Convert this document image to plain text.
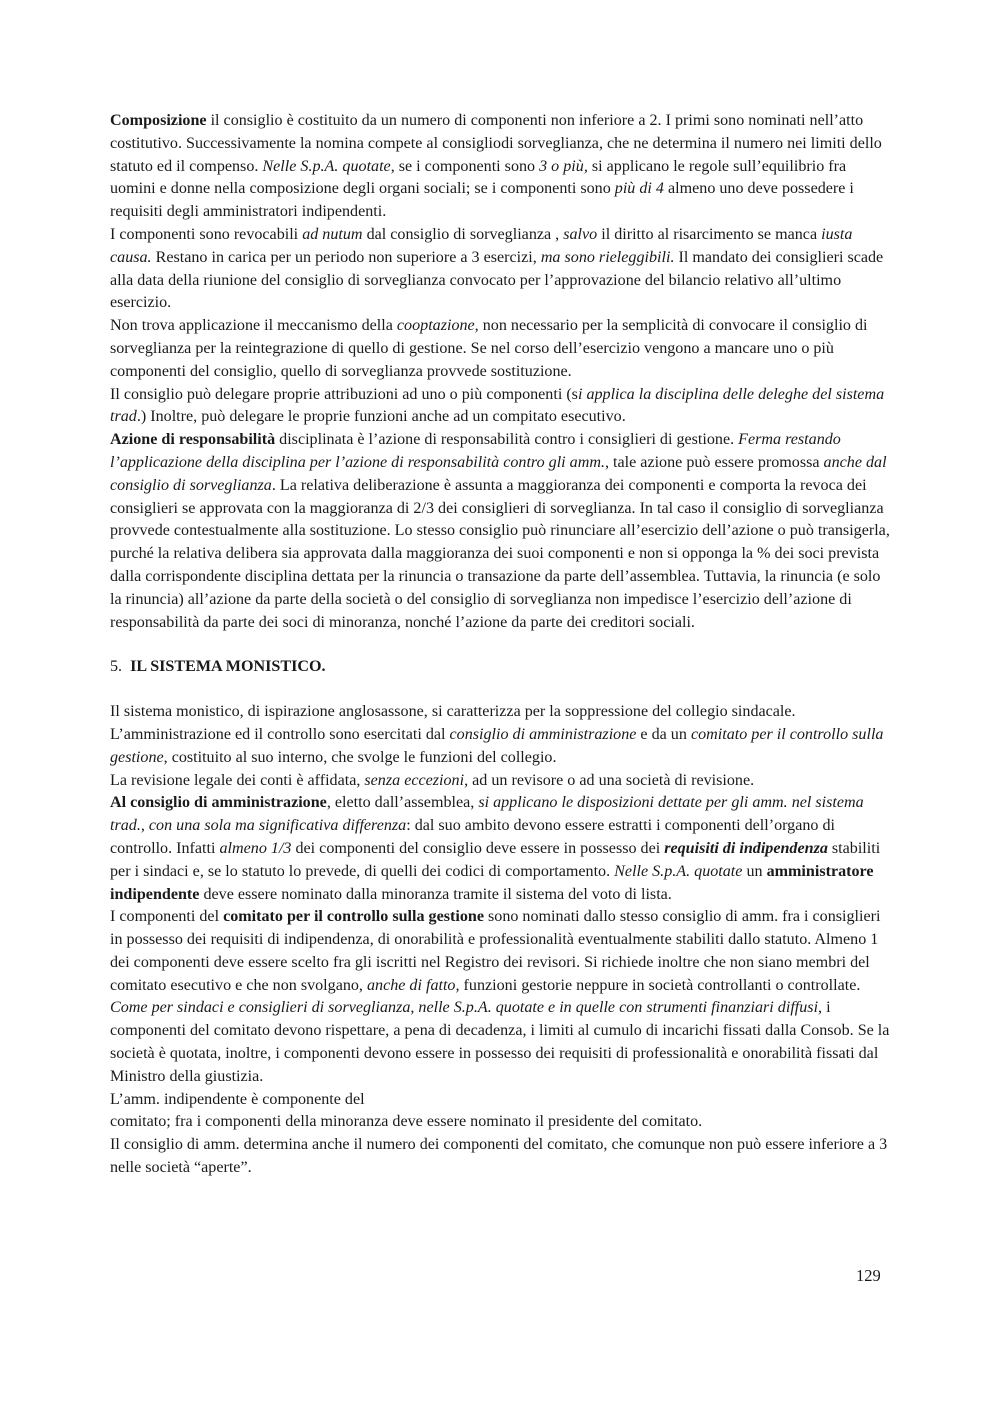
Composizione il consiglio è costituito da un numero di componenti non inferiore a 2. I primi sono nominati nell’atto costitutivo. Successivamente la nomina compete al consigliodi sorveglianza, che ne determina il numero nei limiti dello statuto ed il compenso. Nelle S.p.A. quotate, se i componenti sono 3 o più, si applicano le regole sull’equilibrio fra uomini e donne nella composizione degli organi sociali; se i componenti sono più di 4 almeno uno deve possedere i requisiti degli amministratori indipendenti.

I componenti sono revocabili ad nutum dal consiglio di sorveglianza , salvo il diritto al risarcimento se manca iusta causa. Restano in carica per un periodo non superiore a 3 esercizi, ma sono rieleggibili. Il mandato dei consiglieri scade alla data della riunione del consiglio di sorveglianza convocato per l’approvazione del bilancio relativo all’ultimo esercizio.

Non trova applicazione il meccanismo della cooptazione, non necessario per la semplicità di convocare il consiglio di sorveglianza per la reintegrazione di quello di gestione. Se nel corso dell’esercizio vengono a mancare uno o più componenti del consiglio, quello di sorveglianza provvede sostituzione.

Il consiglio può delegare proprie attribuzioni ad uno o più componenti (si applica la disciplina delle deleghe del sistema trad.) Inoltre, può delegare le proprie funzioni anche ad un compitato esecutivo.

Azione di responsabilità disciplinata è l’azione di responsabilità contro i consiglieri di gestione. Ferma restando l’applicazione della disciplina per l’azione di responsabilità contro gli amm., tale azione può essere promossa anche dal consiglio di sorveglianza. La relativa deliberazione è assunta a maggioranza dei componenti e comporta la revoca dei consiglieri se approvata con la maggioranza di 2/3 dei consiglieri di sorveglianza. In tal caso il consiglio di sorveglianza provvede contestualmente alla sostituzione. Lo stesso consiglio può rinunciare all’esercizio dell’azione o può transigerla, purché la relativa delibera sia approvata dalla maggioranza dei suoi componenti e non si opponga la % dei soci prevista dalla corrispondente disciplina dettata per la rinuncia o transazione da parte dell’assemblea. Tuttavia, la rinuncia (e solo la rinuncia) all’azione da parte della società o del consiglio di sorveglianza non impedisce l’esercizio dell’azione di responsabilità da parte dei soci di minoranza, nonché l’azione da parte dei creditori sociali.

5. IL SISTEMA MONISTICO.

Il sistema monistico, di ispirazione anglosassone, si caratterizza per la soppressione del collegio sindacale.

L’amministrazione ed il controllo sono esercitati dal consiglio di amministrazione e da un comitato per il controllo sulla gestione, costituito al suo interno, che svolge le funzioni del collegio.

La revisione legale dei conti è affidata, senza eccezioni, ad un revisore o ad una società di revisione.

Al consiglio di amministrazione, eletto dall’assemblea, si applicano le disposizioni dettate per gli amm. nel sistema trad., con una sola ma significativa differenza: dal suo ambito devono essere estratti i componenti dell’organo di controllo. Infatti almeno 1/3 dei componenti del consiglio deve essere in possesso dei requisiti di indipendenza stabiliti per i sindaci e, se lo statuto lo prevede, di quelli dei codici di comportamento. Nelle S.p.A. quotate un amministratore indipendente deve essere nominato dalla minoranza tramite il sistema del voto di lista.

I componenti del comitato per il controllo sulla gestione sono nominati dallo stesso consiglio di amm. fra i consiglieri in possesso dei requisiti di indipendenza, di onorabilità e professionalità eventualmente stabiliti dallo statuto. Almeno 1 dei componenti deve essere scelto fra gli iscritti nel Registro dei revisori. Si richiede inoltre che non siano membri del comitato esecutivo e che non svolgano, anche di fatto, funzioni gestorie neppure in società controllanti o controllate. Come per sindaci e consiglieri di sorveglianza, nelle S.p.A. quotate e in quelle con strumenti finanziari diffusi, i componenti del comitato devono rispettare, a pena di decadenza, i limiti al cumulo di incarichi fissati dalla Consob. Se la società è quotata, inoltre, i componenti devono essere in possesso dei requisiti di professionalità e onorabilità fissati dal Ministro della giustizia.

L’amm. indipendente è componente del

comitato; fra i componenti della minoranza deve essere nominato il presidente del comitato.

Il consiglio di amm. determina anche il numero dei componenti del comitato, che comunque non può essere inferiore a 3 nelle società “aperte”.

129
